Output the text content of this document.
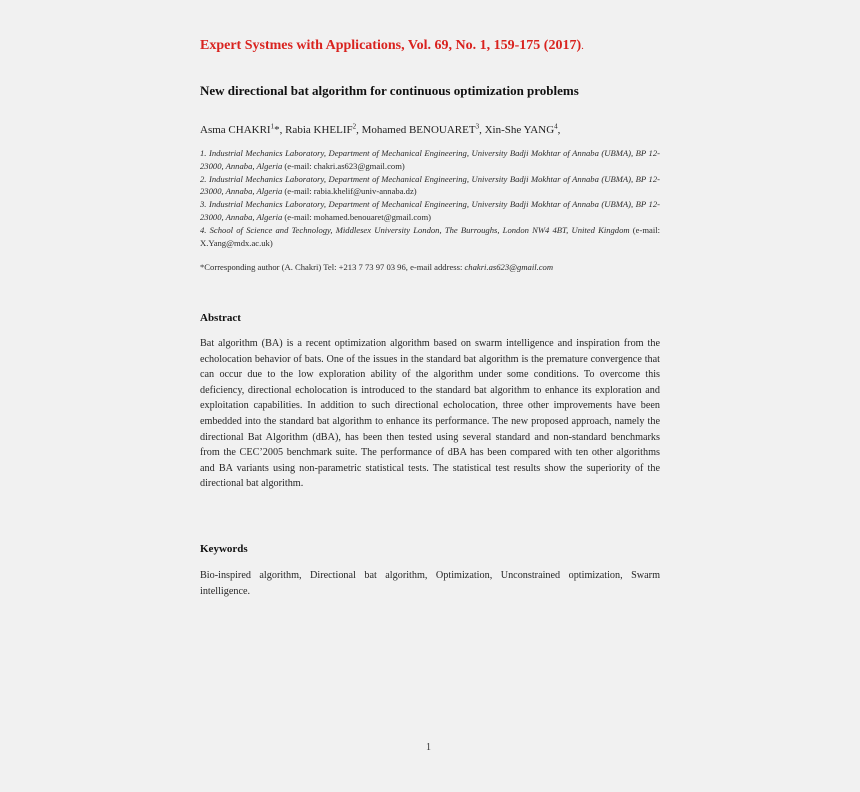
Expert Systmes with Applications, Vol. 69, No. 1, 159-175 (2017).
New directional bat algorithm for continuous optimization problems
Asma CHAKRI$^1$*, Rabia KHELIF$^2$, Mohamed BENOUARET$^3$, Xin-She YANG$^4$,
1. Industrial Mechanics Laboratory, Department of Mechanical Engineering, University Badji Mokhtar of Annaba (UBMA), BP 12-23000, Annaba, Algeria (e-mail: chakri.as623@gmail.com)
2. Industrial Mechanics Laboratory, Department of Mechanical Engineering, University Badji Mokhtar of Annaba (UBMA), BP 12-23000, Annaba, Algeria (e-mail: rabia.khelif@univ-annaba.dz)
3. Industrial Mechanics Laboratory, Department of Mechanical Engineering, University Badji Mokhtar of Annaba (UBMA), BP 12-23000, Annaba, Algeria (e-mail: mohamed.benouaret@gmail.com)
4. School of Science and Technology, Middlesex University London, The Burroughs, London NW4 4BT, United Kingdom (e-mail: X.Yang@mdx.ac.uk)
*Corresponding author (A. Chakri) Tel: +213 7 73 97 03 96, e-mail address: chakri.as623@gmail.com
Abstract
Bat algorithm (BA) is a recent optimization algorithm based on swarm intelligence and inspiration from the echolocation behavior of bats. One of the issues in the standard bat algorithm is the premature convergence that can occur due to the low exploration ability of the algorithm under some conditions. To overcome this deficiency, directional echolocation is introduced to the standard bat algorithm to enhance its exploration and exploitation capabilities. In addition to such directional echolocation, three other improvements have been embedded into the standard bat algorithm to enhance its performance. The new proposed approach, namely the directional Bat Algorithm (dBA), has been then tested using several standard and non-standard benchmarks from the CEC’2005 benchmark suite. The performance of dBA has been compared with ten other algorithms and BA variants using non-parametric statistical tests. The statistical test results show the superiority of the directional bat algorithm.
Keywords
Bio-inspired algorithm, Directional bat algorithm, Optimization, Unconstrained optimization, Swarm intelligence.
1
